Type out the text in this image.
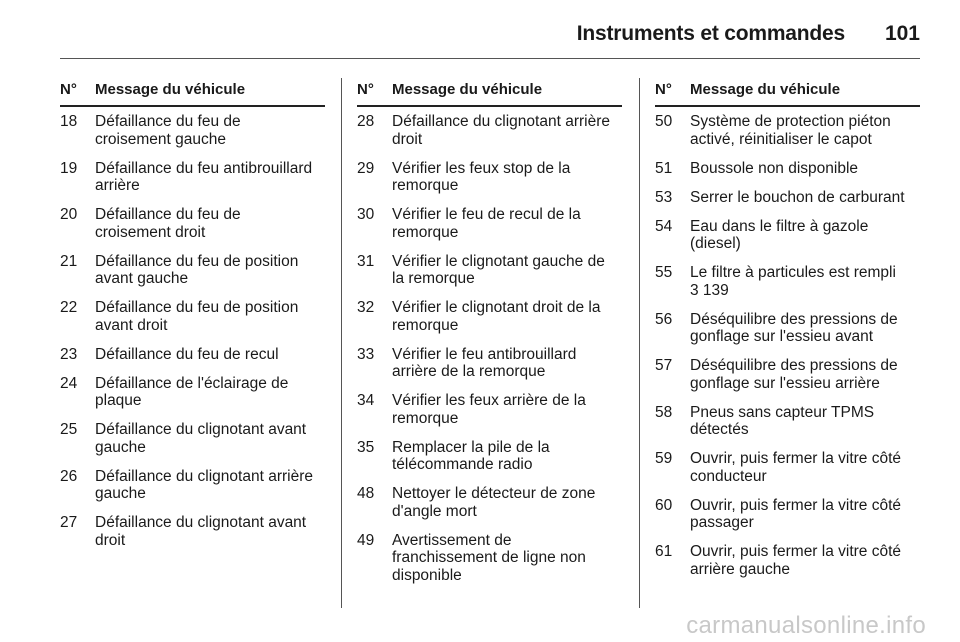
Instruments et commandes 101
N°	Message du véhicule
18	Défaillance du feu de
croisement gauche
19	Défaillance du feu antibrouillard
arrière
20	Défaillance du feu de
croisement droit
21	Défaillance du feu de position
avant gauche
22	Défaillance du feu de position
avant droit
23	Défaillance du feu de recul
24	Défaillance de l'éclairage de
plaque
25	Défaillance du clignotant avant
gauche
26	Défaillance du clignotant arrière
gauche
27	Défaillance du clignotant avant
droit
N°	Message du véhicule
28	Défaillance du clignotant arrière
droit
29	Vérifier les feux stop de la
remorque
30	Vérifier le feu de recul de la
remorque
31	Vérifier le clignotant gauche de
la remorque
32	Vérifier le clignotant droit de la
remorque
33	Vérifier le feu antibrouillard
arrière de la remorque
34	Vérifier les feux arrière de la
remorque
35	Remplacer la pile de la
télécommande radio
48	Nettoyer le détecteur de zone
d'angle mort
49	Avertissement de
franchissement de ligne non
disponible
N°	Message du véhicule
50	Système de protection piéton
activé, réinitialiser le capot
51	Boussole non disponible
53	Serrer le bouchon de carburant
54	Eau dans le filtre à gazole
(diesel)
55	Le filtre à particules est rempli
3 139
56	Déséquilibre des pressions de
gonflage sur l'essieu avant
57	Déséquilibre des pressions de
gonflage sur l'essieu arrière
58	Pneus sans capteur TPMS
détectés
59	Ouvrir, puis fermer la vitre côté
conducteur
60	Ouvrir, puis fermer la vitre côté
passager
61	Ouvrir, puis fermer la vitre côté
arrière gauche
carmanualsonline.info
